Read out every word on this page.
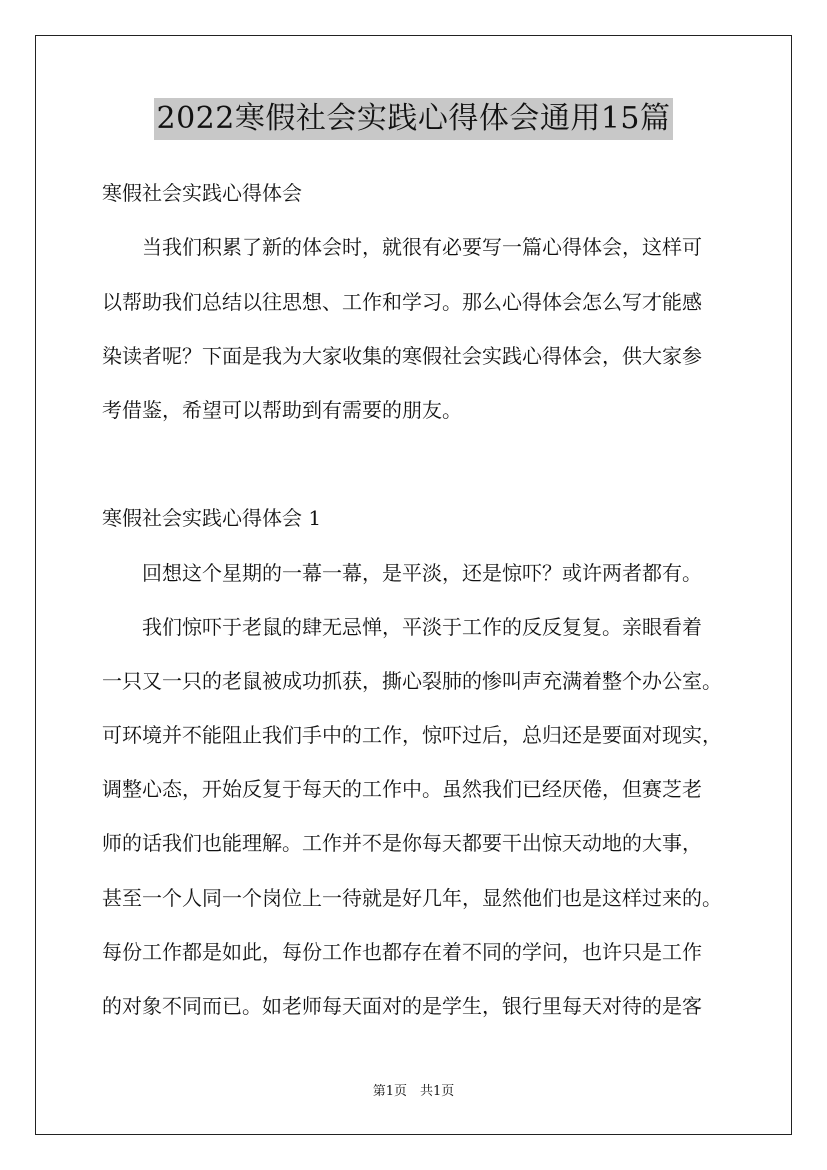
2022寒假社会实践心得体会通用15篇
寒假社会实践心得体会
当我们积累了新的体会时，就很有必要写一篇心得体会，这样可
以帮助我们总结以往思想、工作和学习。那么心得体会怎么写才能感
染读者呢？下面是我为大家收集的寒假社会实践心得体会，供大家参
考借鉴，希望可以帮助到有需要的朋友。
寒假社会实践心得体会 1
回想这个星期的一幕一幕，是平淡，还是惊吓？或许两者都有。
我们惊吓于老鼠的肆无忌惮，平淡于工作的反反复复。亲眼看着
一只又一只的老鼠被成功抓获，撕心裂肺的惨叫声充满着整个办公室。
可环境并不能阻止我们手中的工作，惊吓过后，总归还是要面对现实，
调整心态，开始反复于每天的工作中。虽然我们已经厌倦，但赛芝老
师的话我们也能理解。工作并不是你每天都要干出惊天动地的大事，
甚至一个人同一个岗位上一待就是好几年，显然他们也是这样过来的。
每份工作都是如此，每份工作也都存在着不同的学问，也许只是工作
的对象不同而已。如老师每天面对的是学生，银行里每天对待的是客
第1页　共1页
